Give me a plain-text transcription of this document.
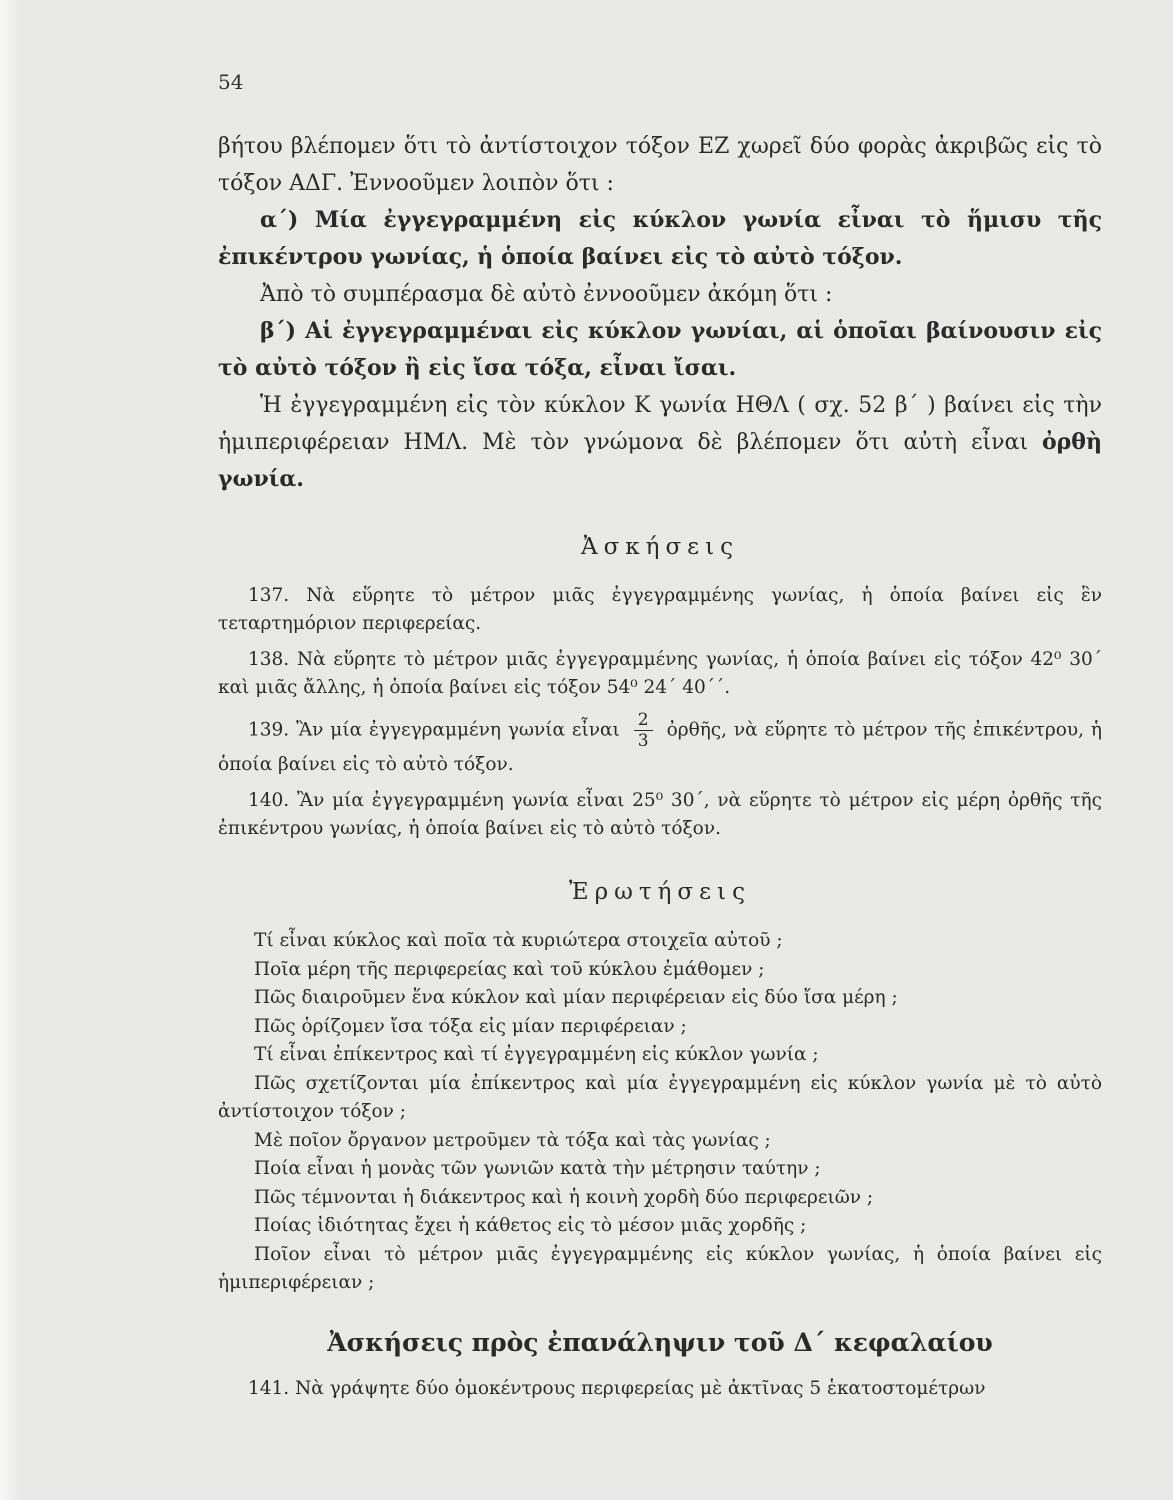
54

βήτου βλέπομεν ὅτι τὸ ἀντίστοιχον τόξον ΕΖ χωρεῖ δύο φορὰς ἀκριβῶς εἰς τὸ τόξον ΑΔΓ. Ἐννοοῦμεν λοιπὸν ὅτι :

α΄) Μία ἐγγεγραμμένη εἰς κύκλον γωνία εἶναι τὸ ἥμισυ τῆς ἐπικέντρου γωνίας, ἡ ὁποία βαίνει εἰς τὸ αὐτὸ τόξον.

Ἀπὸ τὸ συμπέρασμα δὲ αὐτὸ ἐννοοῦμεν ἀκόμη ὅτι :

β΄) Αἱ ἐγγεγραμμέναι εἰς κύκλον γωνίαι, αἱ ὁποῖαι βαίνουσιν εἰς τὸ αὐτὸ τόξον ἢ εἰς ἴσα τόξα, εἶναι ἴσαι.

Ἡ ἐγγεγραμμένη εἰς τὸν κύκλον Κ γωνία ΗΘΛ ( σχ. 52 β΄ ) βαίνει εἰς τὴν ἡμιπεριφέρειαν ΗΜΛ. Μὲ τὸν γνώμονα δὲ βλέπομεν ὅτι αὐτὴ εἶναι ὀρθὴ γωνία.

Ἀσκήσεις

137. Νὰ εὕρητε τὸ μέτρον μιᾶς ἐγγεγραμμένης γωνίας, ἡ ὁποία βαίνει εἰς ἓν τεταρτημόριον περιφερείας.

138. Νὰ εὕρητε τὸ μέτρον μιᾶς ἐγγεγραμμένης γωνίας, ἡ ὁποία βαίνει εἰς τόξον 42⁰ 30΄ καὶ μιᾶς ἄλλης, ἡ ὁποία βαίνει εἰς τόξον 54⁰ 24΄ 40΄΄.

139. Ἂν μία ἐγγεγραμμένη γωνία εἶναι $\frac{2}{3}$ ὀρθῆς, νὰ εὕρητε τὸ μέτρον τῆς ἐπικέντρου, ἡ ὁποία βαίνει εἰς τὸ αὐτὸ τόξον.

140. Ἂν μία ἐγγεγραμμένη γωνία εἶναι 25⁰ 30΄, νὰ εὕρητε τὸ μέτρον εἰς μέρη ὀρθῆς τῆς ἐπικέντρου γωνίας, ἡ ὁποία βαίνει εἰς τὸ αὐτὸ τόξον.

Ἐρωτήσεις

Τί εἶναι κύκλος καὶ ποῖα τὰ κυριώτερα στοιχεῖα αὐτοῦ ;

Ποῖα μέρη τῆς περιφερείας καὶ τοῦ κύκλου ἐμάθομεν ;

Πῶς διαιροῦμεν ἕνα κύκλον καὶ μίαν περιφέρειαν εἰς δύο ἴσα μέρη ;

Πῶς ὁρίζομεν ἴσα τόξα εἰς μίαν περιφέρειαν ;

Τί εἶναι ἐπίκεντρος καὶ τί ἐγγεγραμμένη εἰς κύκλον γωνία ;

Πῶς σχετίζονται μία ἐπίκεντρος καὶ μία ἐγγεγραμμένη εἰς κύκλον γωνία μὲ τὸ αὐτὸ ἀντίστοιχον τόξον ;

Μὲ ποῖον ὄργανον μετροῦμεν τὰ τόξα καὶ τὰς γωνίας ;

Ποία εἶναι ἡ μονὰς τῶν γωνιῶν κατὰ τὴν μέτρησιν ταύτην ;

Πῶς τέμνονται ἡ διάκεντρος καὶ ἡ κοινὴ χορδὴ δύο περιφερειῶν ;

Ποίας ἰδιότητας ἔχει ἡ κάθετος εἰς τὸ μέσον μιᾶς χορδῆς ;

Ποῖον εἶναι τὸ μέτρον μιᾶς ἐγγεγραμμένης εἰς κύκλον γωνίας, ἡ ὁποία βαίνει εἰς ἡμιπεριφέρειαν ;

Ἀσκήσεις πρὸς ἐπανάληψιν τοῦ Δ΄ κεφαλαίου

141. Νὰ γράψητε δύο ὁμοκέντρους περιφερείας μὲ ἀκτῖνας 5 ἑκατοστομέτρων
